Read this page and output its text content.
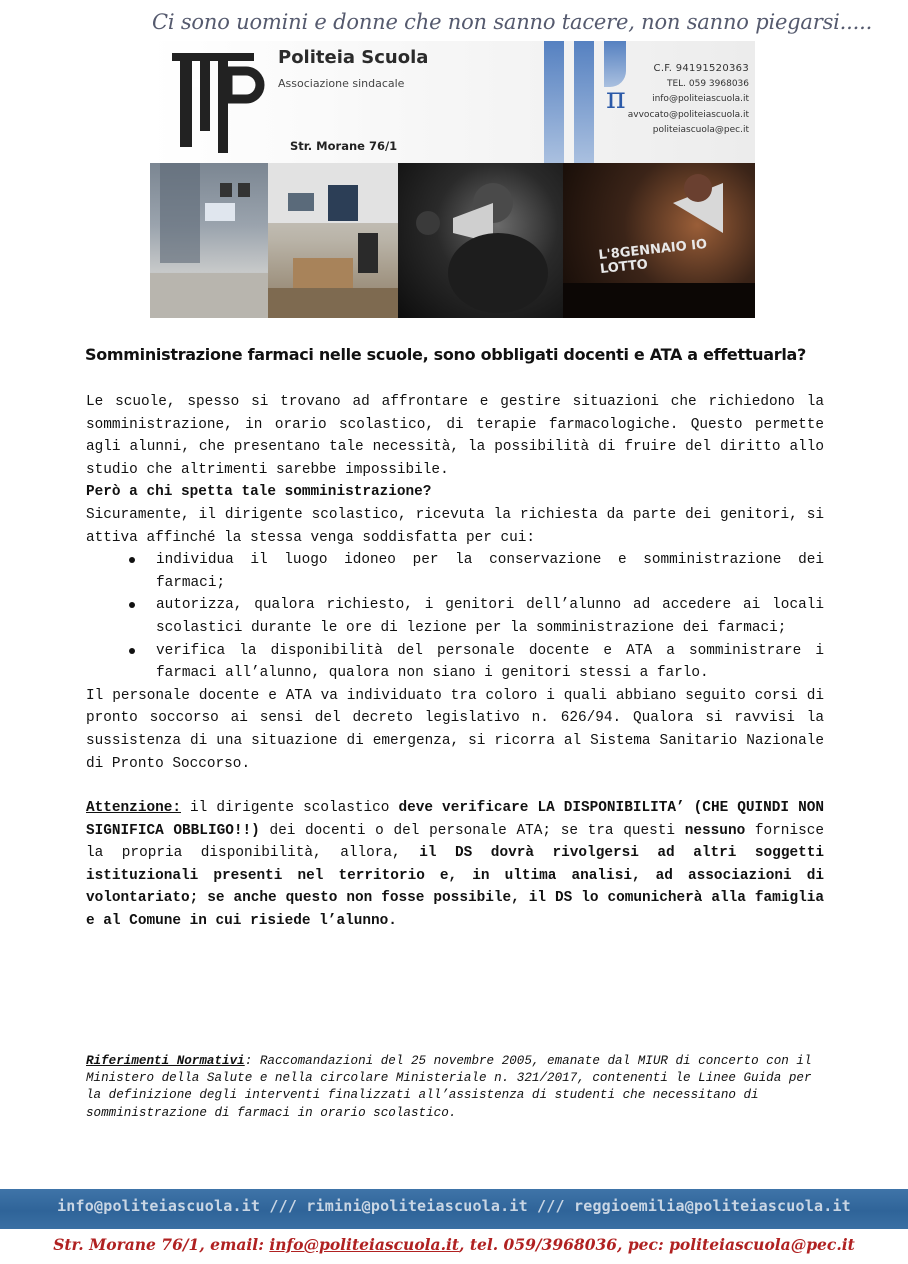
Ci sono uomini e donne che non sanno tacere, non sanno piegarsi.....
Politeia Scuola
Associazione sindacale
Str. Morane 76/1
π
C.F. 94191520363
TEL. 059 3968036
info@politeiascuola.it
avvocato@politeiascuola.it
politeiascuola@pec.it
L'8GENNAIO IO LOTTO
Somministrazione farmaci nelle scuole, sono obbligati docenti e ATA a effettuarla?

Le scuole, spesso si trovano ad affrontare e gestire situazioni che richiedono la somministrazione, in orario scolastico, di terapie farmacologiche. Questo permette agli alunni, che presentano tale necessità, la possibilità di fruire del diritto allo studio che altrimenti sarebbe impossibile.

Però a chi spetta tale somministrazione?

Sicuramente, il dirigente scolastico, ricevuta la richiesta da parte dei genitori, si attiva affinché la stessa venga soddisfatta per cui:

individua il luogo idoneo per la conservazione e somministrazione dei farmaci;
autorizza, qualora richiesto, i genitori dell’alunno ad accedere ai locali scolastici durante le ore di lezione per la somministrazione dei farmaci;
verifica la disponibilità del personale docente e ATA a somministrare i farmaci all’alunno, qualora non siano i genitori stessi a farlo.

Il personale docente e ATA va individuato tra coloro i quali abbiano seguito corsi di pronto soccorso ai sensi del decreto legislativo n. 626/94. Qualora si ravvisi la sussistenza di una situazione di emergenza, si ricorra al Sistema Sanitario Nazionale di Pronto Soccorso.

Attenzione: il dirigente scolastico deve verificare LA DISPONIBILITA’ (CHE QUINDI NON SIGNIFICA OBBLIGO!!) dei docenti o del personale ATA; se tra questi nessuno fornisce la propria disponibilità, allora, il DS dovrà rivolgersi ad altri soggetti istituzionali presenti nel territorio e, in ultima analisi, ad associazioni di volontariato; se anche questo non fosse possibile, il DS lo comunicherà alla famiglia e al Comune in cui risiede l’alunno.

Riferimenti Normativi: Raccomandazioni del 25 novembre 2005, emanate dal MIUR di concerto con il Ministero della Salute e nella circolare Ministeriale n. 321/2017, contenenti le Linee Guida per la definizione degli interventi finalizzati all’assistenza di studenti che necessitano di somministrazione di farmaci in orario scolastico.
info@politeiascuola.it /// rimini@politeiascuola.it /// reggioemilia@politeiascuola.it
Str. Morane 76/1, email: info@politeiascuola.it, tel. 059/3968036, pec: politeiascuola@pec.it
